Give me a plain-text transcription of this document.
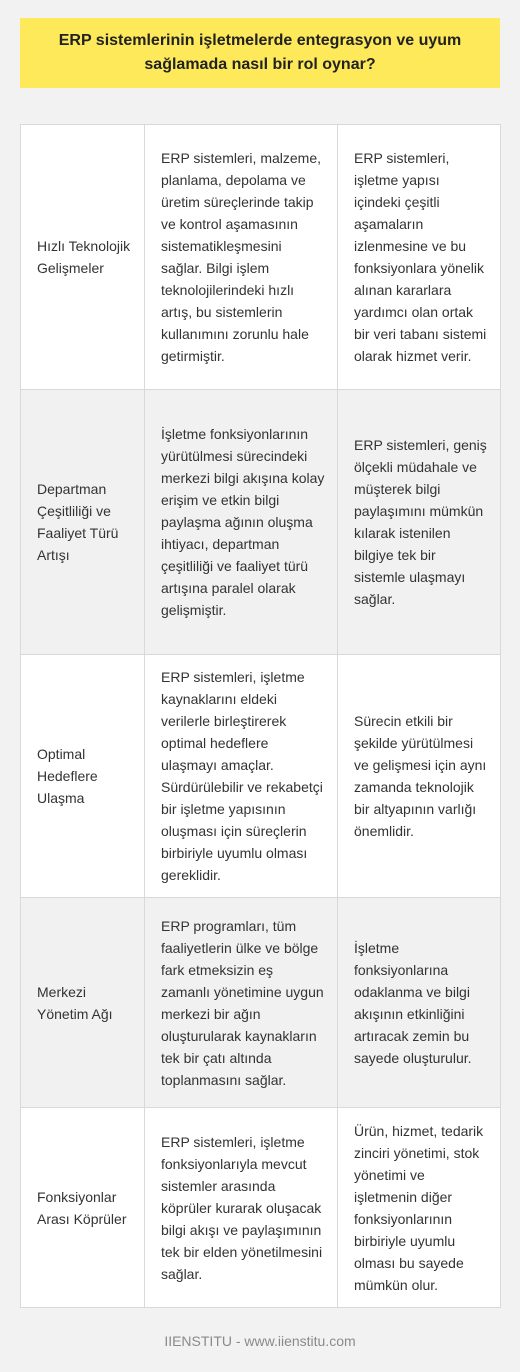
ERP sistemlerinin işletmelerde entegrasyon ve uyum sağlamada nasıl bir rol oynar?
Hızlı Teknolojik Gelişmeler	ERP sistemleri, malzeme, planlama, depolama ve üretim süreçlerinde takip ve kontrol aşamasının sistematikleşmesini sağlar. Bilgi işlem teknolojilerindeki hızlı artış, bu sistemlerin kullanımını zorunlu hale getirmiştir.	ERP sistemleri, işletme yapısı içindeki çeşitli aşamaların izlenmesine ve bu fonksiyonlara yönelik alınan kararlara yardımcı olan ortak bir veri tabanı sistemi olarak hizmet verir.
Departman Çeşitliliği ve Faaliyet Türü Artışı	İşletme fonksiyonlarının yürütülmesi sürecindeki merkezi bilgi akışına kolay erişim ve etkin bilgi paylaşma ağının oluşma ihtiyacı, departman çeşitliliği ve faaliyet türü artışına paralel olarak gelişmiştir.	ERP sistemleri, geniş ölçekli müdahale ve müşterek bilgi paylaşımını mümkün kılarak istenilen bilgiye tek bir sistemle ulaşmayı sağlar.
Optimal Hedeflere Ulaşma	ERP sistemleri, işletme kaynaklarını eldeki verilerle birleştirerek optimal hedeflere ulaşmayı amaçlar. Sürdürülebilir ve rekabetçi bir işletme yapısının oluşması için süreçlerin birbiriyle uyumlu olması gereklidir.	Sürecin etkili bir şekilde yürütülmesi ve gelişmesi için aynı zamanda teknolojik bir altyapının varlığı önemlidir.
Merkezi Yönetim Ağı	ERP programları, tüm faaliyetlerin ülke ve bölge fark etmeksizin eş zamanlı yönetimine uygun merkezi bir ağın oluşturularak kaynakların tek bir çatı altında toplanmasını sağlar.	İşletme fonksiyonlarına odaklanma ve bilgi akışının etkinliğini artıracak zemin bu sayede oluşturulur.
Fonksiyonlar Arası Köprüler	ERP sistemleri, işletme fonksiyonlarıyla mevcut sistemler arasında köprüler kurarak oluşacak bilgi akışı ve paylaşımının tek bir elden yönetilmesini sağlar.	Ürün, hizmet, tedarik zinciri yönetimi, stok yönetimi ve işletmenin diğer fonksiyonlarının birbiriyle uyumlu olması bu sayede mümkün olur.
IIENSTITU - www.iienstitu.com
